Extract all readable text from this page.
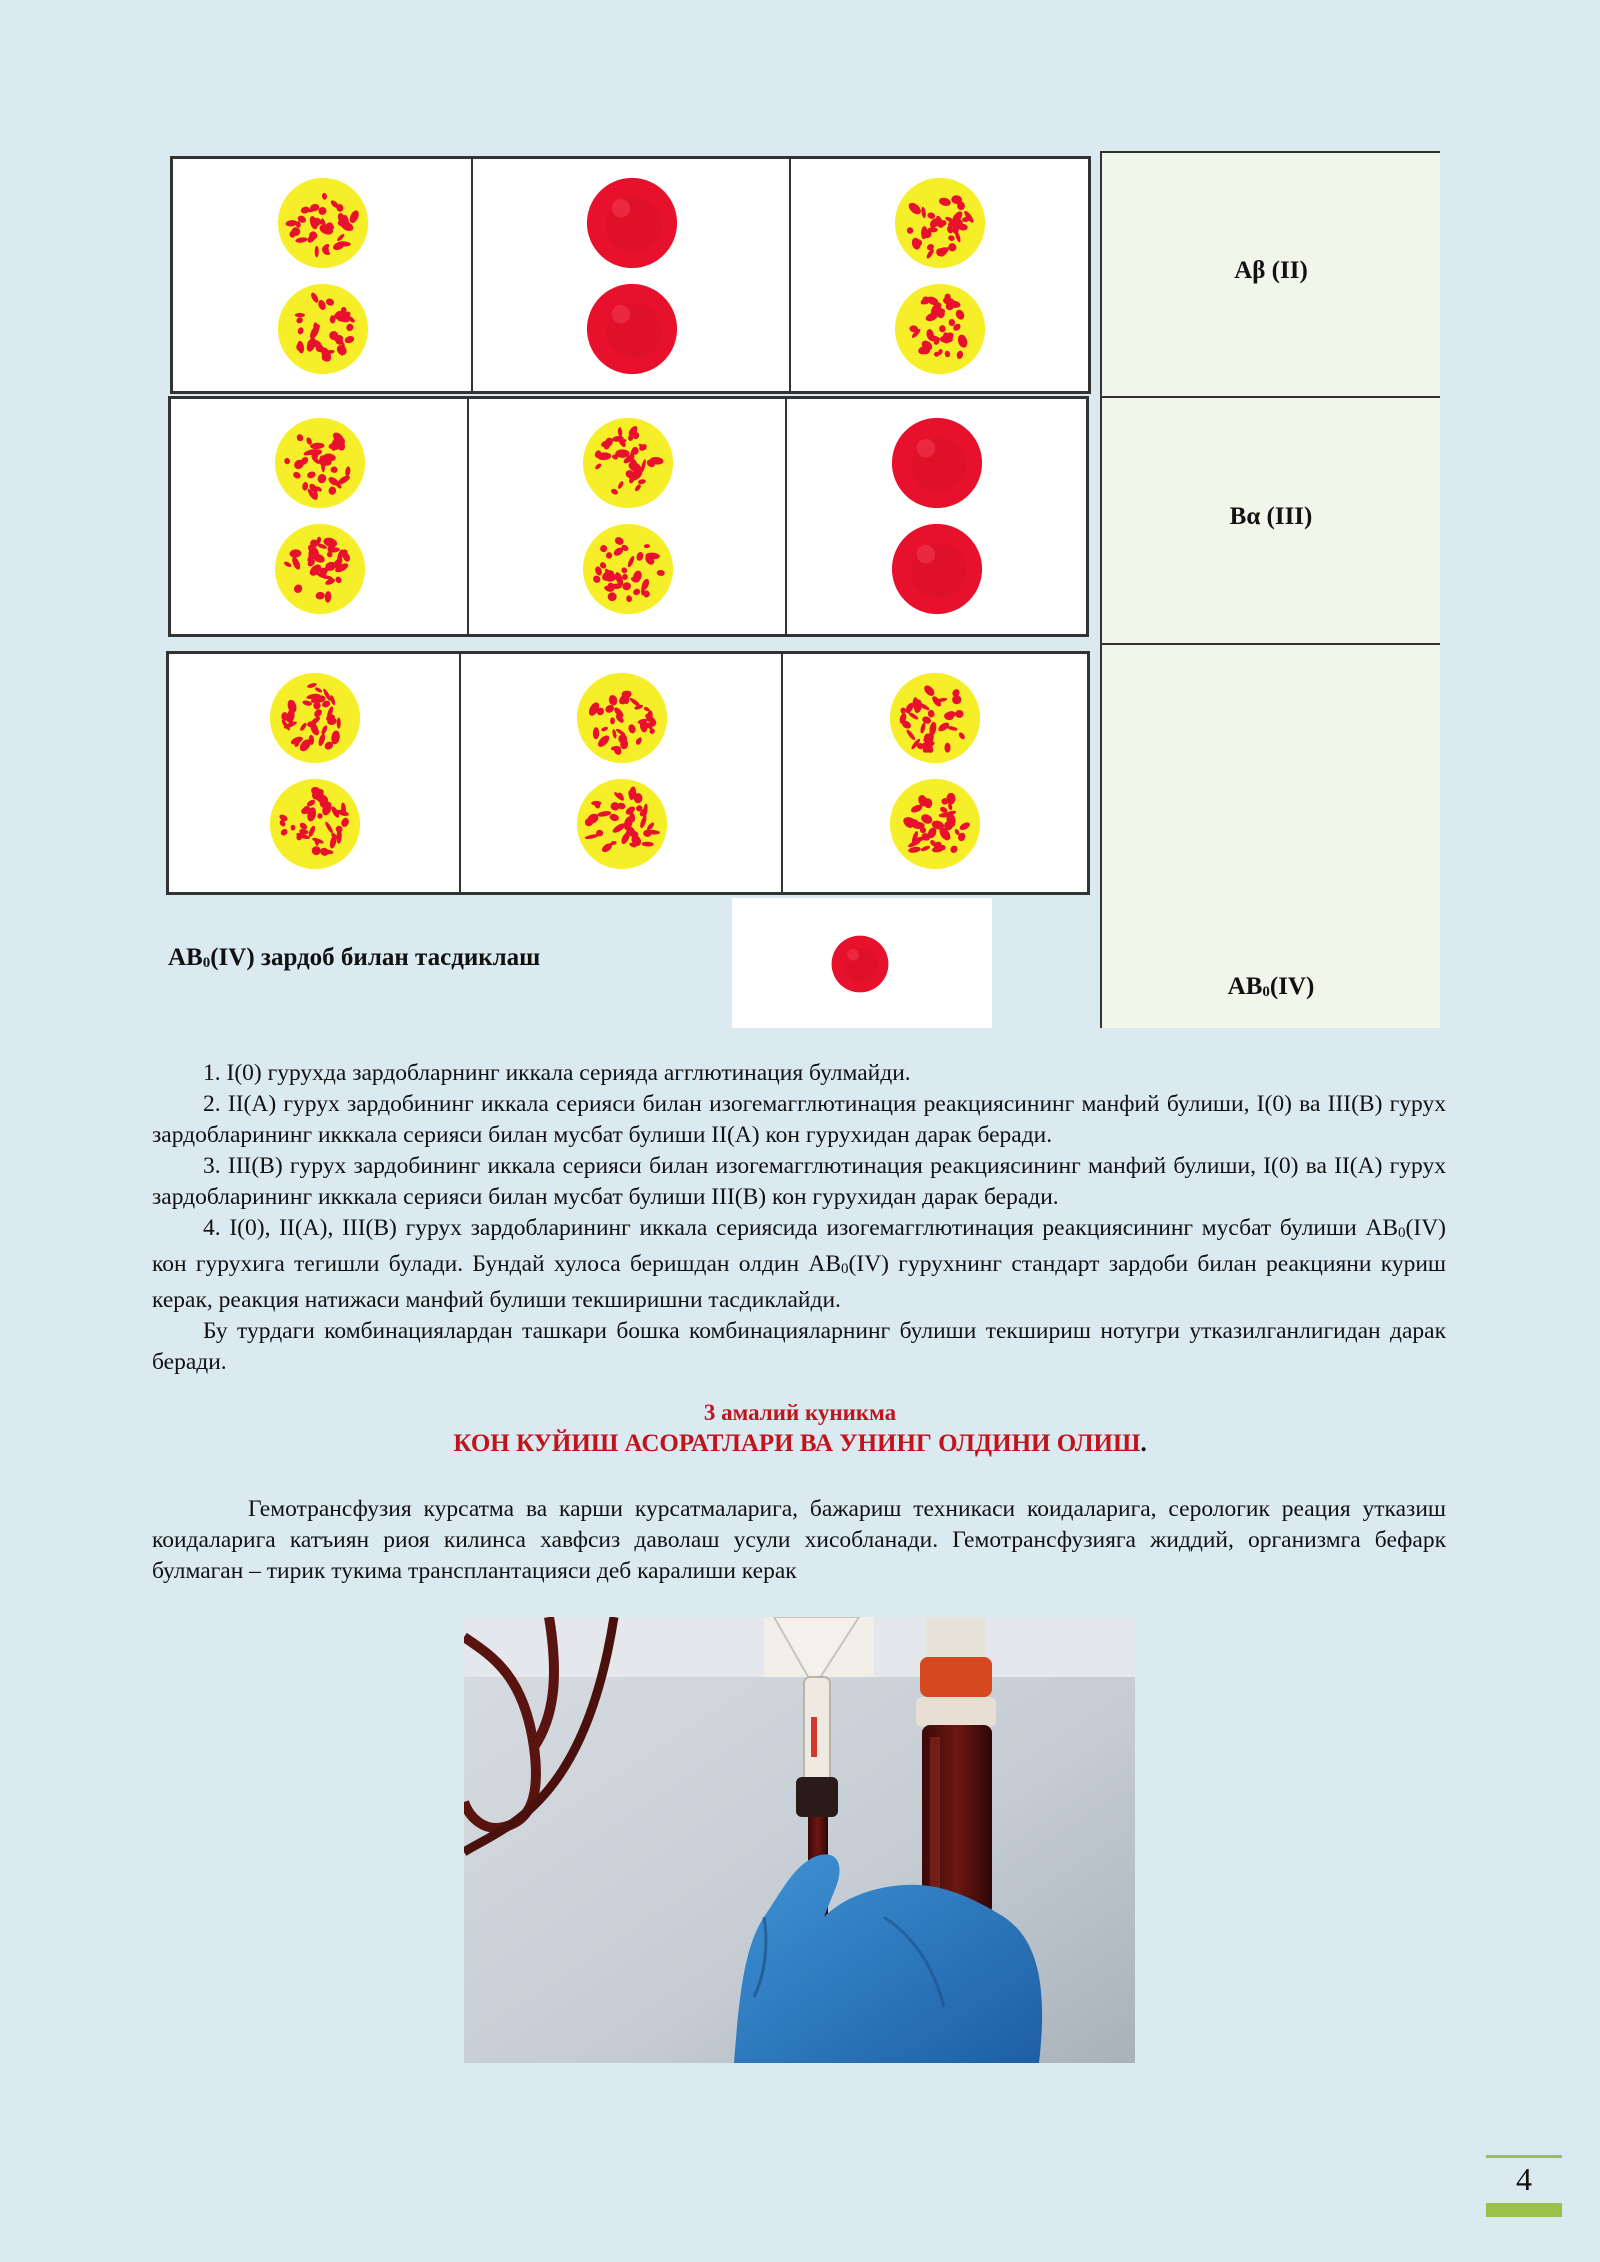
Aβ (II)
Bα (III)
$AB_0(IV)$
$AB_0(IV)$ зардоб билан тасдиклаш

1. I(0) гурухда зардобларнинг иккала серияда агглютинация булмайди.

2. II(A) гурух зардобининг иккала серияси билан изогемагглютинация реакциясининг манфий булиши, I(0) ва III(B) гурух зардобларининг икккала серияси билан мусбат булиши II(A) кон гурухидан дарак беради.

3. III(B) гурух зардобининг иккала серияси билан изогемагглютинация реакциясининг манфий булиши, I(0) ва II(A) гурух зардобларининг икккала серияси билан мусбат булиши III(B) кон гурухидан дарак беради.

4. I(0), II(A), III(B) гурух зардобларининг иккала сериясида изогемагглютинация реакциясининг мусбат булиши $AB_0(IV)$ кон гурухига тегишли булади. Бундай хулоса беришдан олдин $AB_0(IV)$ гурухнинг стандарт зардоби билан реакцияни куриш керак, реакция натижаси манфий булиши текширишни тасдиклайди.

Бу турдаги комбинациялардан ташкари бошка комбинацияларнинг булиши текшириш нотугри утказилганлигидан дарак беради.

3 амалий куникма
КОН КУЙИШ АСОРАТЛАРИ ВА УНИНГ ОЛДИНИ ОЛИШ.

Гемотрансфузия курсатма ва карши курсатмаларига, бажариш техникаси коидаларига, серологик реация утказиш коидаларига катъиян риоя килинса хавфсиз даволаш усули хисобланади. Гемотрансфузияга жиддий, организмга бефарк булмаган – тирик тукима трансплантацияси деб каралиши керак

4
